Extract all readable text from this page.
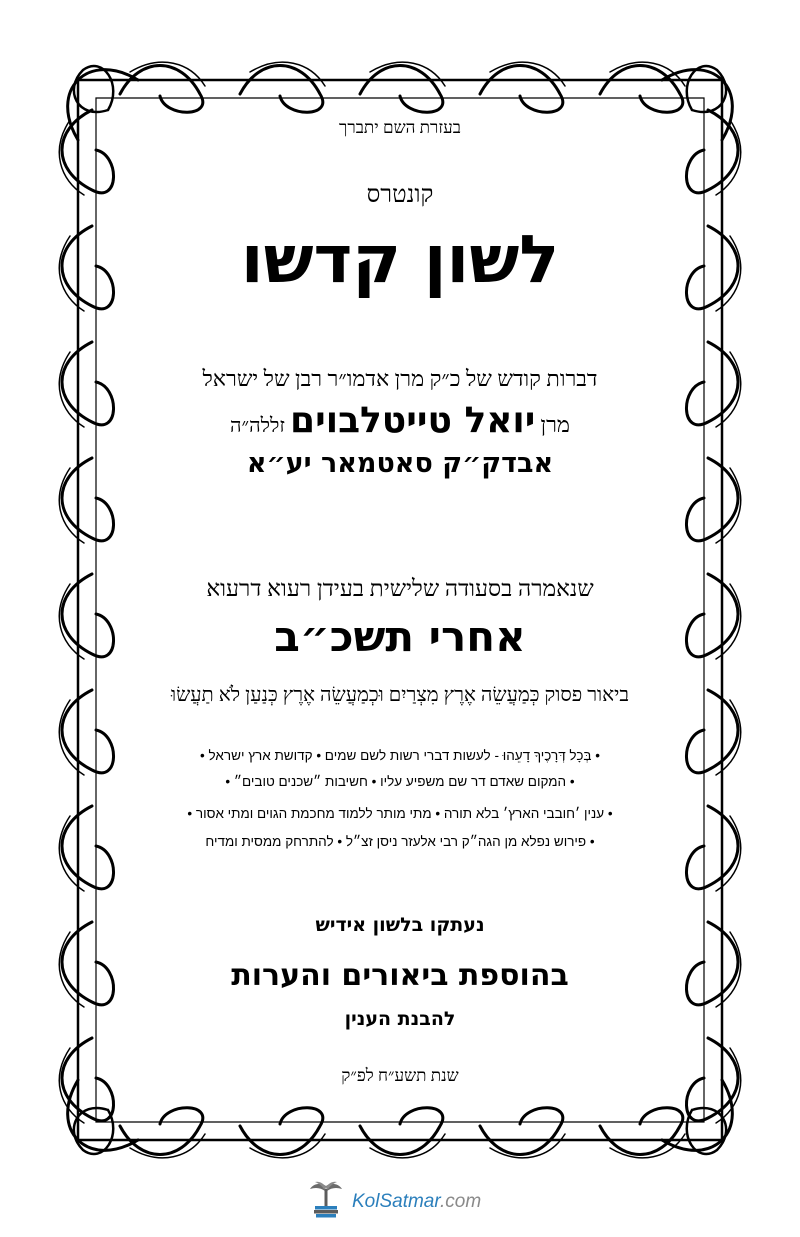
בעזרת השם יתברך
קונטרס
לשון קדשו
דברות קודש של כ״ק מרן אדמו״ר רבן של ישראל
מרן יואל טייטלבוים זללה״ה
אבדק״ק סאטמאר יע״א
שנאמרה בסעודה שלישית בעידן רעוא דרעוא
אחרי תשכ״ב
ביאור פסוק כְּמַעֲשֵׂה אֶרֶץ מִצְרַיִם וּכְמַעֲשֵׂה אֶרֶץ כְּנַעַן לֹא תַעֲשׂוּ
• בְּכָל דְּרָכֶיךָ דָעֵהוּ - לעשות דברי רשות לשם שמים • קדושת ארץ ישראל •
• המקום שאדם דר שם משפיע עליו • חשיבות ״שכנים טובים״ •
• ענין ׳חובבי הארץ׳ בלא תורה • מתי מותר ללמוד מחכמת הגוים ומתי אסור •
• פירוש נפלא מן הגה״ק רבי אלעזר ניסן זצ״ל • להתרחק ממסית ומדיח
נעתקו בלשון אידיש
בהוספת ביאורים והערות
להבנת הענין
שנת תשע״ח לפ״ק
KolSatmar.com
